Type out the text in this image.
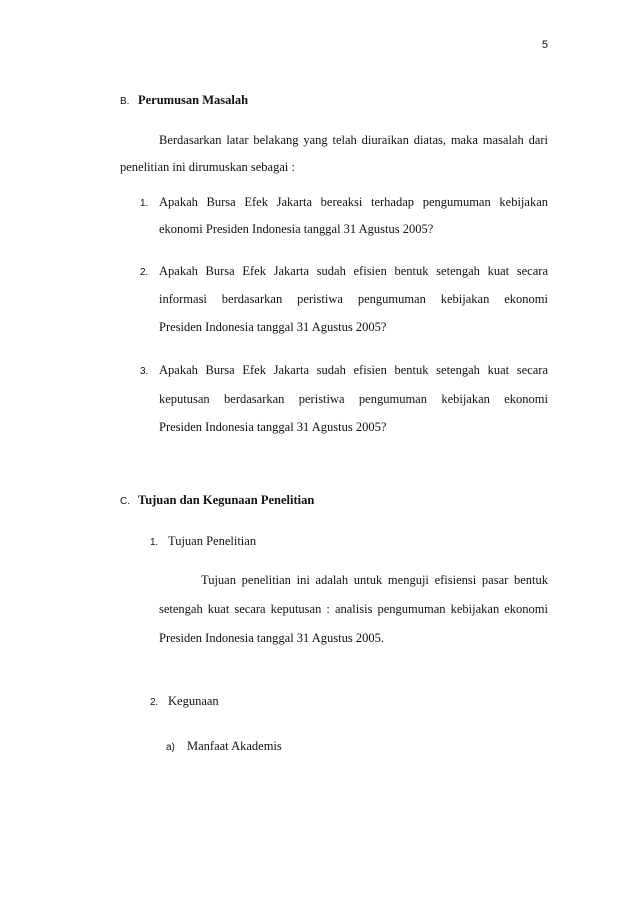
5
B. Perumusan Masalah
Berdasarkan latar belakang yang telah diuraikan diatas, maka masalah dari
penelitian ini dirumuskan sebagai :
1. Apakah Bursa Efek Jakarta bereaksi terhadap pengumuman kebijakan
ekonomi Presiden Indonesia tanggal 31 Agustus 2005?
2. Apakah Bursa Efek Jakarta sudah efisien bentuk setengah kuat secara
informasi berdasarkan peristiwa pengumuman kebijakan ekonomi
Presiden Indonesia tanggal 31 Agustus 2005?
3. Apakah Bursa Efek Jakarta sudah efisien bentuk setengah kuat secara
keputusan berdasarkan peristiwa pengumuman kebijakan ekonomi
Presiden Indonesia tanggal 31 Agustus 2005?
C. Tujuan dan Kegunaan Penelitian
1. Tujuan Penelitian
Tujuan penelitian ini adalah untuk menguji efisiensi pasar bentuk
setengah kuat secara keputusan : analisis pengumuman kebijakan ekonomi
Presiden Indonesia tanggal 31 Agustus 2005.
2. Kegunaan
a) Manfaat Akademis
